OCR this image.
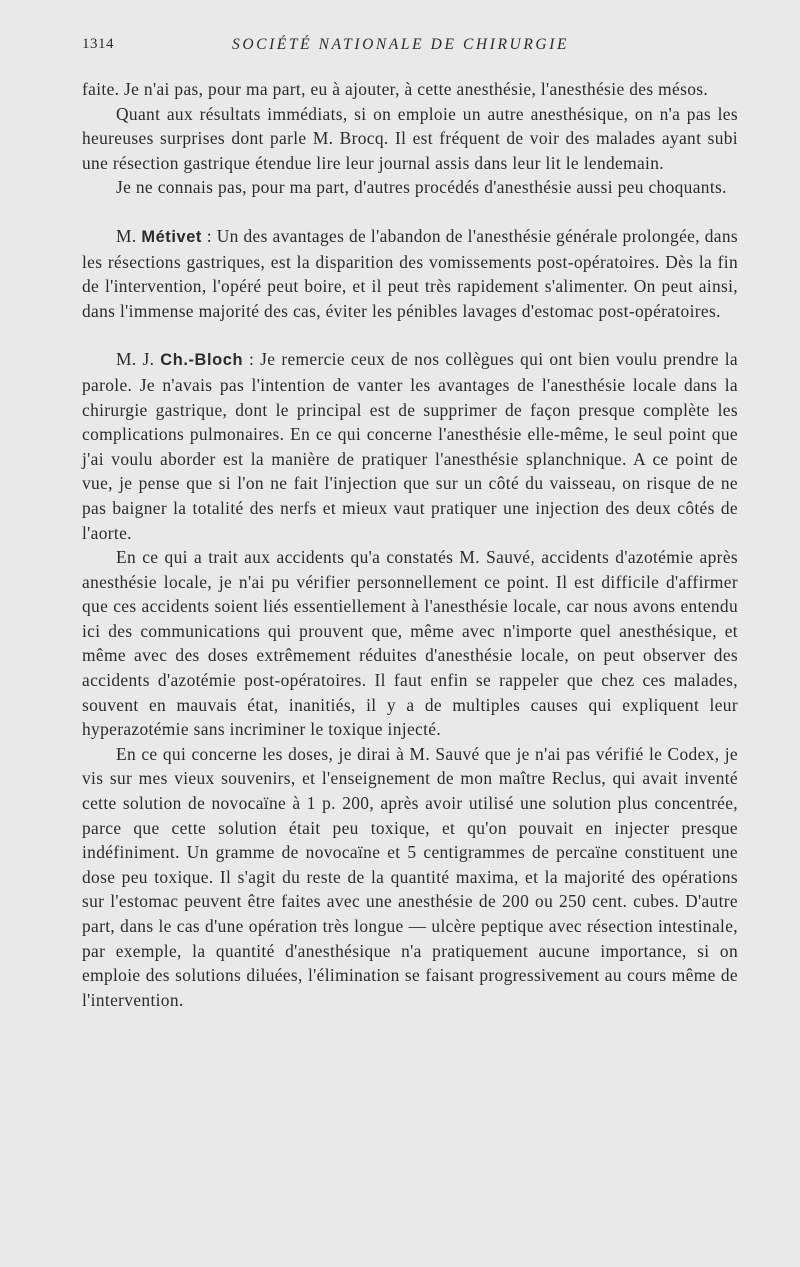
1314	SOCIÉTÉ NATIONALE DE CHIRURGIE

faite. Je n'ai pas, pour ma part, eu à ajouter, à cette anesthésie, l'anesthésie des mésos.

Quant aux résultats immédiats, si on emploie un autre anesthésique, on n'a pas les heureuses surprises dont parle M. Brocq. Il est fréquent de voir des malades ayant subi une résection gastrique étendue lire leur journal assis dans leur lit le lendemain.

Je ne connais pas, pour ma part, d'autres procédés d'anesthésie aussi peu choquants.

M. Métivet : Un des avantages de l'abandon de l'anesthésie générale prolongée, dans les résections gastriques, est la disparition des vomissements post-opératoires. Dès la fin de l'intervention, l'opéré peut boire, et il peut très rapidement s'alimenter. On peut ainsi, dans l'immense majorité des cas, éviter les pénibles lavages d'estomac post-opératoires.

M. J. Ch.-Bloch : Je remercie ceux de nos collègues qui ont bien voulu prendre la parole. Je n'avais pas l'intention de vanter les avantages de l'anesthésie locale dans la chirurgie gastrique, dont le principal est de supprimer de façon presque complète les complications pulmonaires. En ce qui concerne l'anesthésie elle-même, le seul point que j'ai voulu aborder est la manière de pratiquer l'anesthésie splanchnique. A ce point de vue, je pense que si l'on ne fait l'injection que sur un côté du vaisseau, on risque de ne pas baigner la totalité des nerfs et mieux vaut pratiquer une injection des deux côtés de l'aorte.

En ce qui a trait aux accidents qu'a constatés M. Sauvé, accidents d'azotémie après anesthésie locale, je n'ai pu vérifier personnellement ce point. Il est difficile d'affirmer que ces accidents soient liés essentiellement à l'anesthésie locale, car nous avons entendu ici des communications qui prouvent que, même avec n'importe quel anesthésique, et même avec des doses extrêmement réduites d'anesthésie locale, on peut observer des accidents d'azotémie post-opératoires. Il faut enfin se rappeler que chez ces malades, souvent en mauvais état, inanitiés, il y a de multiples causes qui expliquent leur hyperazotémie sans incriminer le toxique injecté.

En ce qui concerne les doses, je dirai à M. Sauvé que je n'ai pas vérifié le Codex, je vis sur mes vieux souvenirs, et l'enseignement de mon maître Reclus, qui avait inventé cette solution de novocaïne à 1 p. 200, après avoir utilisé une solution plus concentrée, parce que cette solution était peu toxique, et qu'on pouvait en injecter presque indéfiniment. Un gramme de novocaïne et 5 centigrammes de percaïne constituent une dose peu toxique. Il s'agit du reste de la quantité maxima, et la majorité des opérations sur l'estomac peuvent être faites avec une anesthésie de 200 ou 250 cent. cubes. D'autre part, dans le cas d'une opération très longue — ulcère peptique avec résection intestinale, par exemple, la quantité d'anesthésique n'a pratiquement aucune importance, si on emploie des solutions diluées, l'élimination se faisant progressivement au cours même de l'intervention.
